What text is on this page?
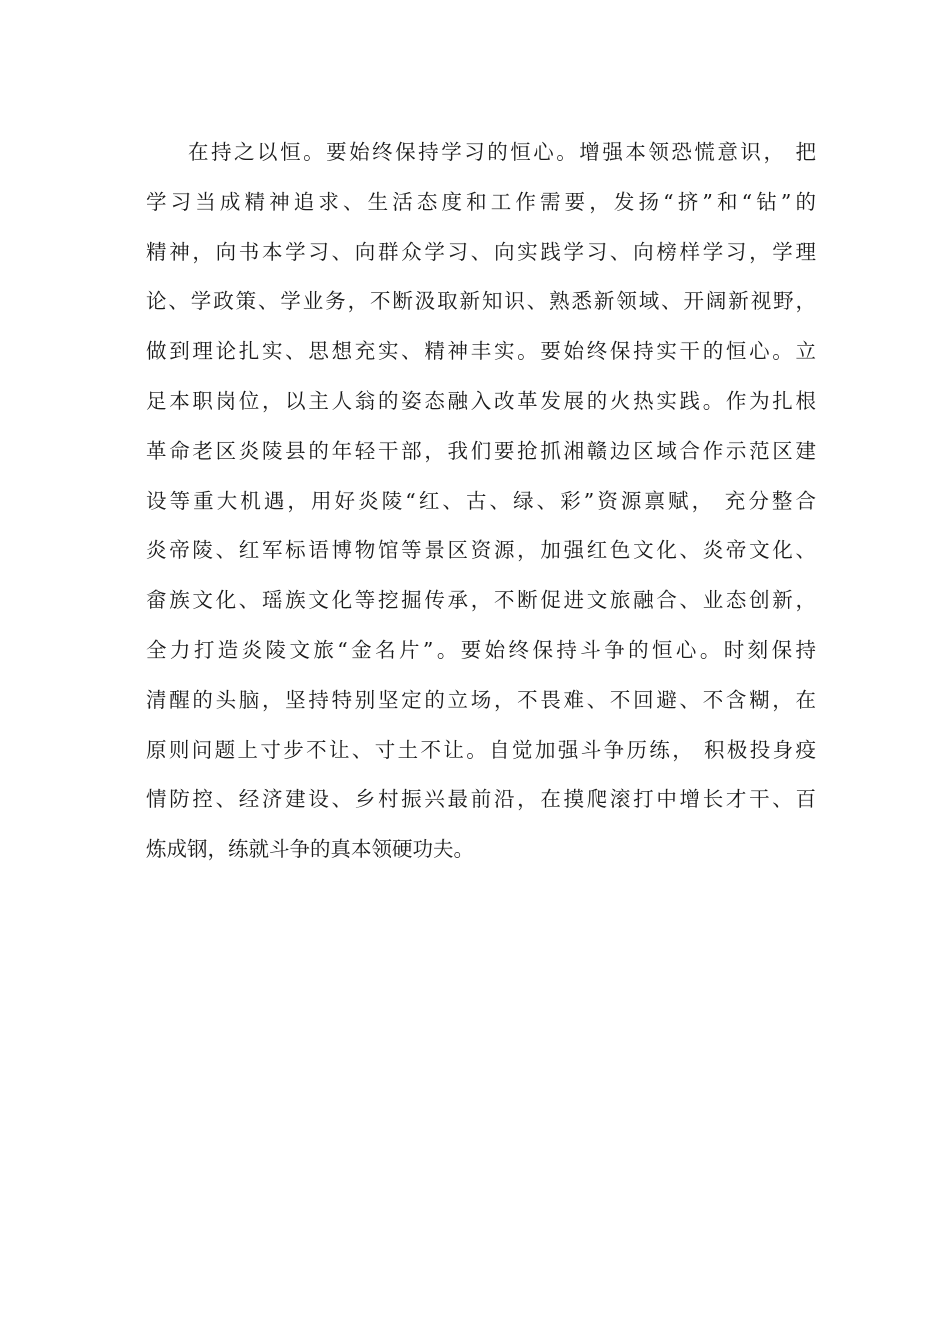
在持之以恒。要始终保持学习的恒心。增强本领恐慌意识， 把
学习当成精神追求、生活态度和工作需要，发扬“挤”和“钻”的
精神，向书本学习、向群众学习、向实践学习、向榜样学习，学理
论、学政策、学业务，不断汲取新知识、熟悉新领域、开阔新视野，
做到理论扎实、思想充实、精神丰实。要始终保持实干的恒心。立
足本职岗位，以主人翁的姿态融入改革发展的火热实践。作为扎根
革命老区炎陵县的年轻干部，我们要抢抓湘赣边区域合作示范区建
设等重大机遇，用好炎陵“红、古、绿、彩”资源禀赋， 充分整合
炎帝陵、红军标语博物馆等景区资源，加强红色文化、炎帝文化、
畲族文化、瑶族文化等挖掘传承，不断促进文旅融合、业态创新，
全力打造炎陵文旅“金名片”。要始终保持斗争的恒心。时刻保持
清醒的头脑，坚持特别坚定的立场，不畏难、不回避、不含糊，在
原则问题上寸步不让、寸土不让。自觉加强斗争历练， 积极投身疫
情防控、经济建设、乡村振兴最前沿，在摸爬滚打中增长才干、百
炼成钢，练就斗争的真本领硬功夫。
